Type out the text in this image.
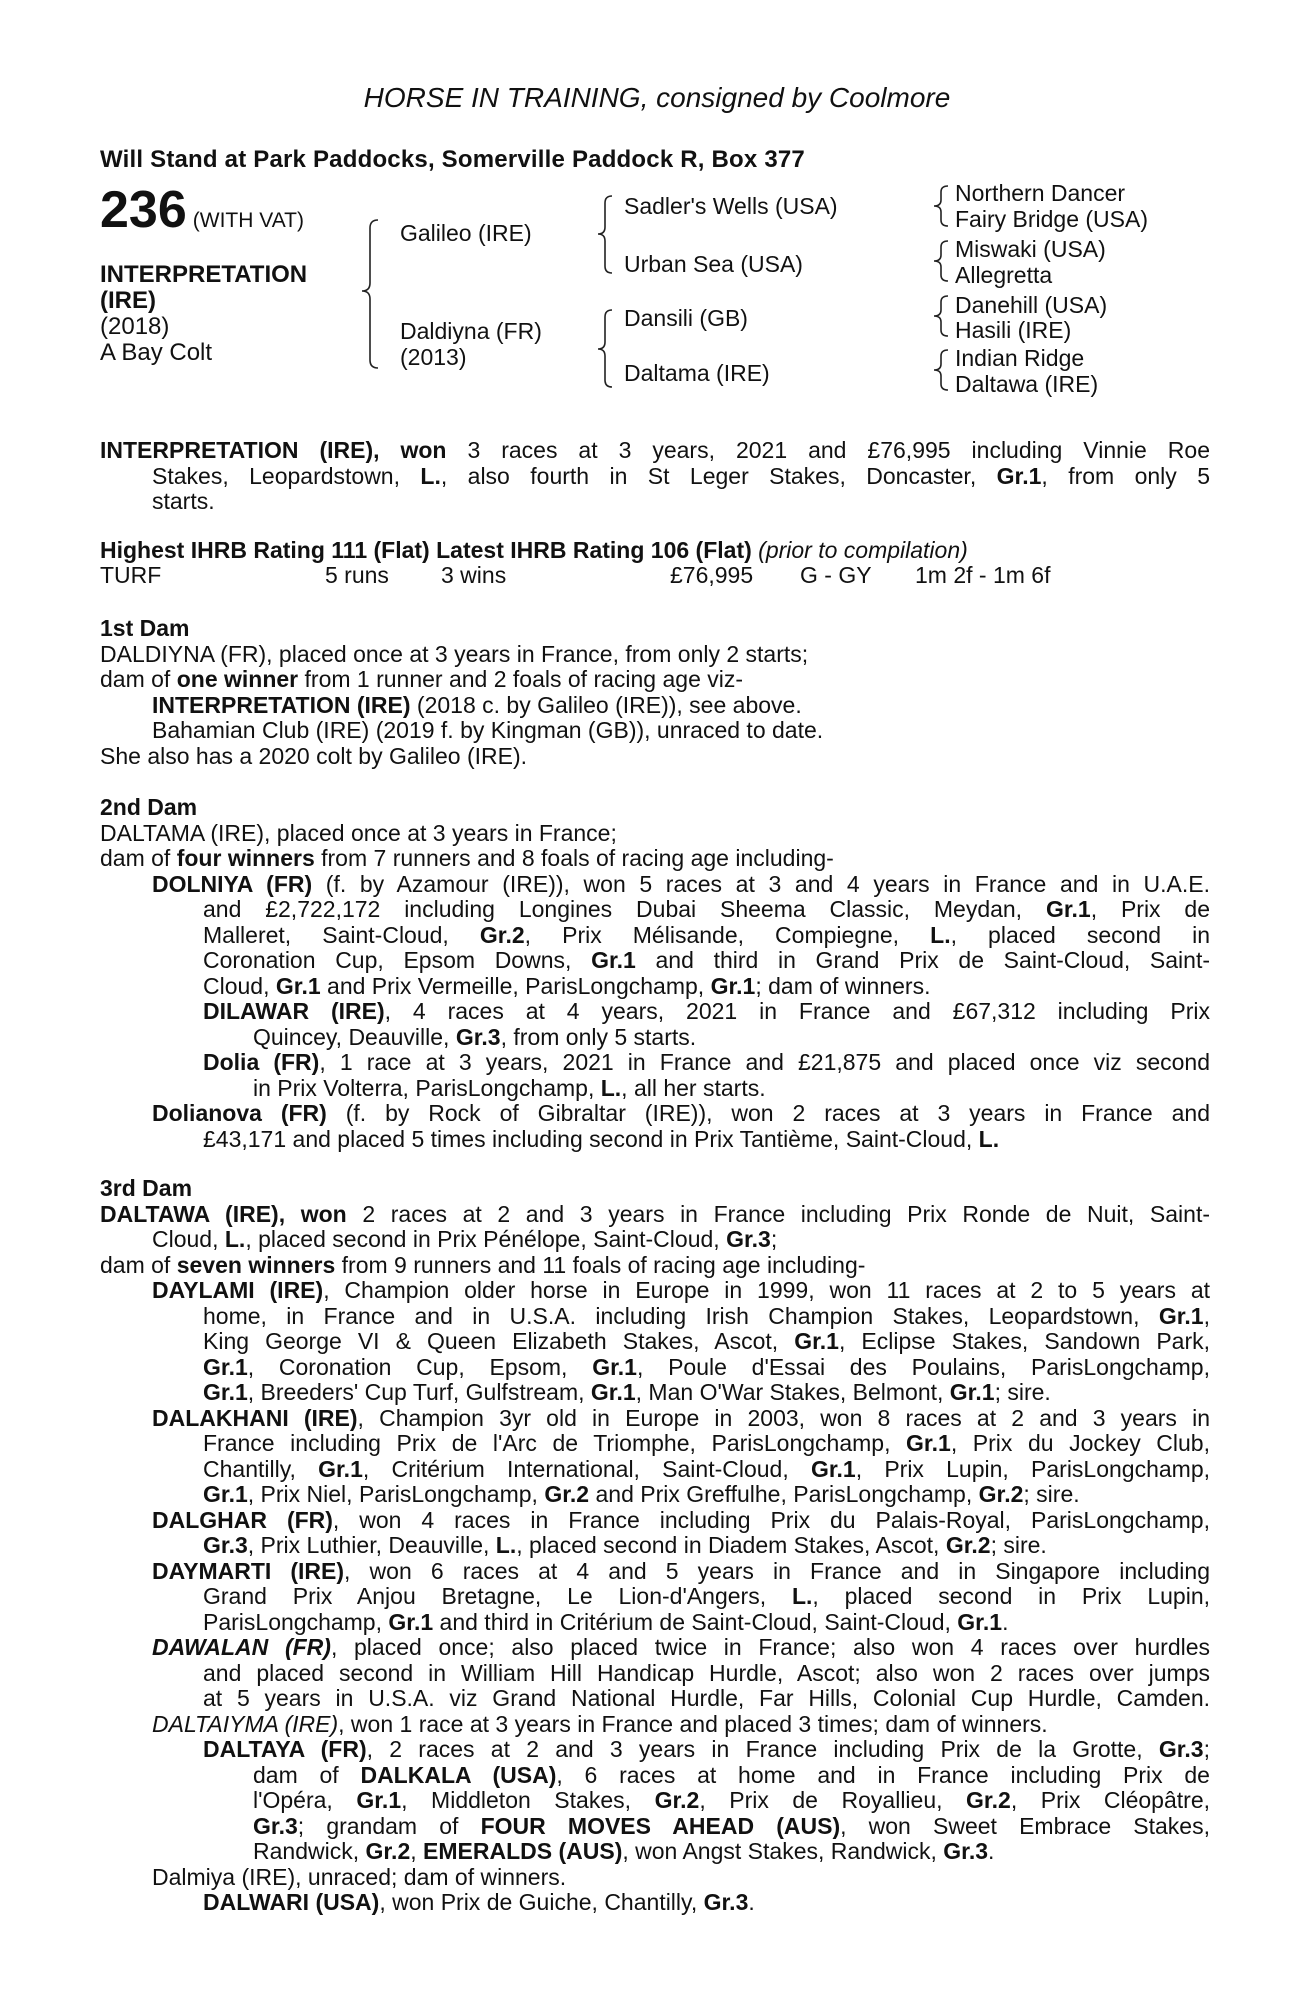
HORSE IN TRAINING, consigned by Coolmore
Will Stand at Park Paddocks, Somerville Paddock R, Box 377
236 (WITH VAT)
INTERPRETATION
(IRE)
(2018)
A Bay Colt
Galileo (IRE)
Daldiyna (FR)
(2013)
Sadler's Wells (USA)
Urban Sea (USA)
Dansili (GB)
Daltama (IRE)
Northern Dancer
Fairy Bridge (USA)
Miswaki (USA)
Allegretta
Danehill (USA)
Hasili (IRE)
Indian Ridge
Daltawa (IRE)
INTERPRETATION (IRE), won 3 races at 3 years, 2021 and £76,995 including Vinnie Roe
Stakes, Leopardstown, L., also fourth in St Leger Stakes, Doncaster, Gr.1, from only 5
starts.
Highest IHRB Rating 111 (Flat) Latest IHRB Rating 106 (Flat) (prior to compilation)
TURF	5 runs 3 wins	£76,995 G - GY 1m 2f - 1m 6f
1st Dam
DALDIYNA (FR), placed once at 3 years in France, from only 2 starts;
dam of one winner from 1 runner and 2 foals of racing age viz-
INTERPRETATION (IRE) (2018 c. by Galileo (IRE)), see above.
Bahamian Club (IRE) (2019 f. by Kingman (GB)), unraced to date.
She also has a 2020 colt by Galileo (IRE).
2nd Dam
DALTAMA (IRE), placed once at 3 years in France;
dam of four winners from 7 runners and 8 foals of racing age including-
DOLNIYA (FR) (f. by Azamour (IRE)), won 5 races at 3 and 4 years in France and in U.A.E.
and £2,722,172 including Longines Dubai Sheema Classic, Meydan, Gr.1, Prix de
Malleret, Saint-Cloud, Gr.2, Prix Mélisande, Compiegne, L., placed second in
Coronation Cup, Epsom Downs, Gr.1 and third in Grand Prix de Saint-Cloud, Saint-
Cloud, Gr.1 and Prix Vermeille, ParisLongchamp, Gr.1; dam of winners.
DILAWAR (IRE), 4 races at 4 years, 2021 in France and £67,312 including Prix
Quincey, Deauville, Gr.3, from only 5 starts.
Dolia (FR), 1 race at 3 years, 2021 in France and £21,875 and placed once viz second
in Prix Volterra, ParisLongchamp, L., all her starts.
Dolianova (FR) (f. by Rock of Gibraltar (IRE)), won 2 races at 3 years in France and
£43,171 and placed 5 times including second in Prix Tantième, Saint-Cloud, L.
3rd Dam
DALTAWA (IRE), won 2 races at 2 and 3 years in France including Prix Ronde de Nuit, Saint-
Cloud, L., placed second in Prix Pénélope, Saint-Cloud, Gr.3;
dam of seven winners from 9 runners and 11 foals of racing age including-
DAYLAMI (IRE), Champion older horse in Europe in 1999, won 11 races at 2 to 5 years at
home, in France and in U.S.A. including Irish Champion Stakes, Leopardstown, Gr.1,
King George VI & Queen Elizabeth Stakes, Ascot, Gr.1, Eclipse Stakes, Sandown Park,
Gr.1, Coronation Cup, Epsom, Gr.1, Poule d'Essai des Poulains, ParisLongchamp,
Gr.1, Breeders' Cup Turf, Gulfstream, Gr.1, Man O'War Stakes, Belmont, Gr.1; sire.
DALAKHANI (IRE), Champion 3yr old in Europe in 2003, won 8 races at 2 and 3 years in
France including Prix de l'Arc de Triomphe, ParisLongchamp, Gr.1, Prix du Jockey Club,
Chantilly, Gr.1, Critérium International, Saint-Cloud, Gr.1, Prix Lupin, ParisLongchamp,
Gr.1, Prix Niel, ParisLongchamp, Gr.2 and Prix Greffulhe, ParisLongchamp, Gr.2; sire.
DALGHAR (FR), won 4 races in France including Prix du Palais-Royal, ParisLongchamp,
Gr.3, Prix Luthier, Deauville, L., placed second in Diadem Stakes, Ascot, Gr.2; sire.
DAYMARTI (IRE), won 6 races at 4 and 5 years in France and in Singapore including
Grand Prix Anjou Bretagne, Le Lion-d'Angers, L., placed second in Prix Lupin,
ParisLongchamp, Gr.1 and third in Critérium de Saint-Cloud, Saint-Cloud, Gr.1.
DAWALAN (FR), placed once; also placed twice in France; also won 4 races over hurdles
and placed second in William Hill Handicap Hurdle, Ascot; also won 2 races over jumps
at 5 years in U.S.A. viz Grand National Hurdle, Far Hills, Colonial Cup Hurdle, Camden.
DALTAIYMA (IRE), won 1 race at 3 years in France and placed 3 times; dam of winners.
DALTAYA (FR), 2 races at 2 and 3 years in France including Prix de la Grotte, Gr.3;
dam of DALKALA (USA), 6 races at home and in France including Prix de
l'Opéra, Gr.1, Middleton Stakes, Gr.2, Prix de Royallieu, Gr.2, Prix Cléopâtre,
Gr.3; grandam of FOUR MOVES AHEAD (AUS), won Sweet Embrace Stakes,
Randwick, Gr.2, EMERALDS (AUS), won Angst Stakes, Randwick, Gr.3.
Dalmiya (IRE), unraced; dam of winners.
DALWARI (USA), won Prix de Guiche, Chantilly, Gr.3.
